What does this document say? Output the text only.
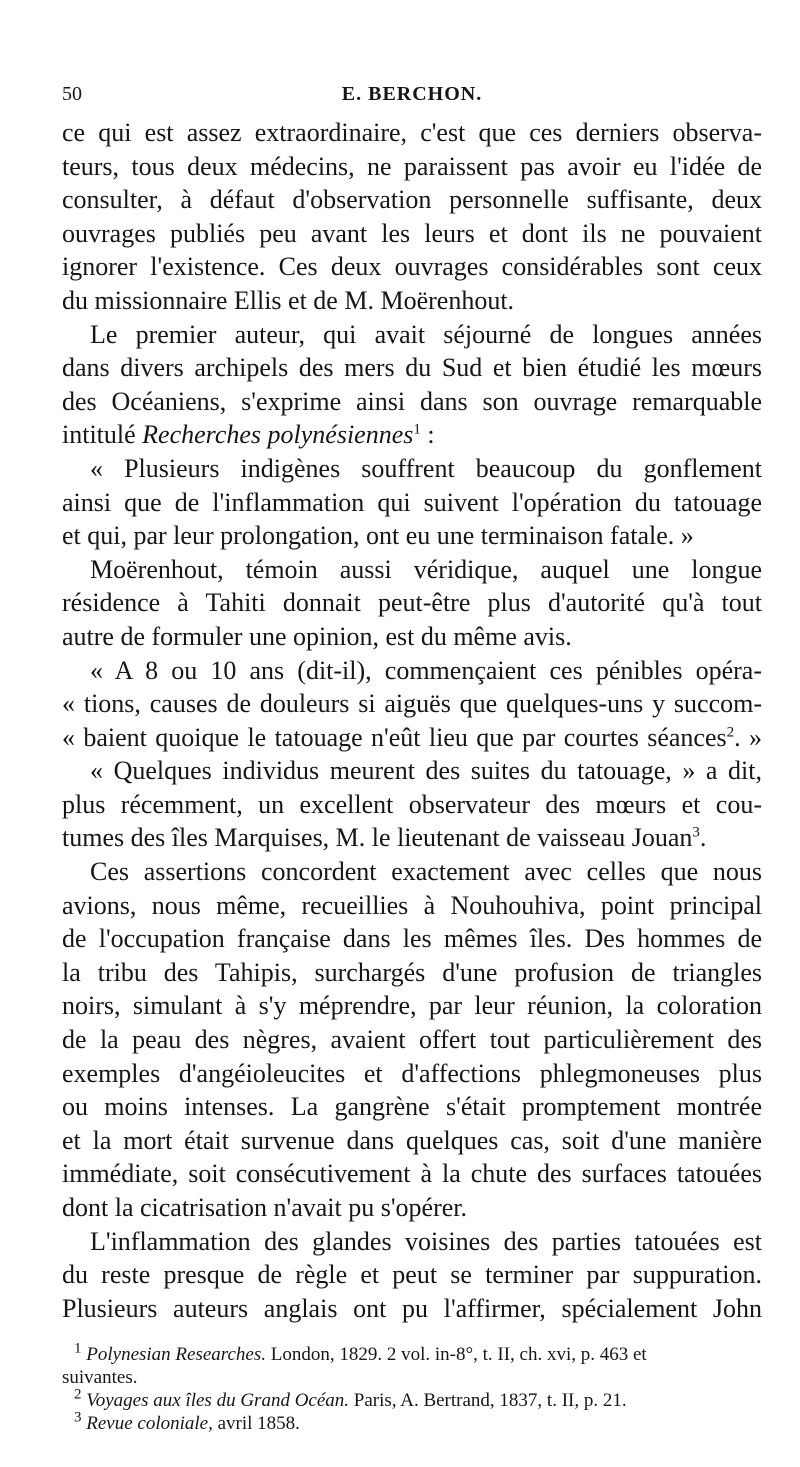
50	E. BERCHON.
ce qui est assez extraordinaire, c'est que ces derniers observa-
teurs, tous deux médecins, ne paraissent pas avoir eu l'idée de
consulter, à défaut d'observation personnelle suffisante, deux
ouvrages publiés peu avant les leurs et dont ils ne pouvaient
ignorer l'existence. Ces deux ouvrages considérables sont ceux
du missionnaire Ellis et de M. Moërenhout.
Le premier auteur, qui avait séjourné de longues années
dans divers archipels des mers du Sud et bien étudié les mœurs
des Océaniens, s'exprime ainsi dans son ouvrage remarquable
intitulé Recherches polynésiennes$^1$ :
« Plusieurs indigènes souffrent beaucoup du gonflement
ainsi que de l'inflammation qui suivent l'opération du tatouage
et qui, par leur prolongation, ont eu une terminaison fatale. »
Moërenhout, témoin aussi véridique, auquel une longue
résidence à Tahiti donnait peut-être plus d'autorité qu'à tout
autre de formuler une opinion, est du même avis.
« A 8 ou 10 ans (dit-il), commençaient ces pénibles opéra-
« tions, causes de douleurs si aiguës que quelques-uns y succom-
« baient quoique le tatouage n'eût lieu que par courtes séances$^2$. »
« Quelques individus meurent des suites du tatouage, » a dit,
plus récemment, un excellent observateur des mœurs et cou-
tumes des îles Marquises, M. le lieutenant de vaisseau Jouan$^3$.
Ces assertions concordent exactement avec celles que nous
avions, nous même, recueillies à Nouhouhiva, point principal
de l'occupation française dans les mêmes îles. Des hommes de
la tribu des Tahipis, surchargés d'une profusion de triangles
noirs, simulant à s'y méprendre, par leur réunion, la coloration
de la peau des nègres, avaient offert tout particulièrement des
exemples d'angéioleucites et d'affections phlegmoneuses plus
ou moins intenses. La gangrène s'était promptement montrée
et la mort était survenue dans quelques cas, soit d'une manière
immédiate, soit consécutivement à la chute des surfaces tatouées
dont la cicatrisation n'avait pu s'opérer.
L'inflammation des glandes voisines des parties tatouées est
du reste presque de règle et peut se terminer par suppuration.
Plusieurs auteurs anglais ont pu l'affirmer, spécialement John
$^1$ Polynesian Researches. London, 1829. 2 vol. in-8°, t. II, ch. xvi, p. 463 et
suivantes.
$^2$ Voyages aux îles du Grand Océan. Paris, A. Bertrand, 1837, t. II, p. 21.
$^3$ Revue coloniale, avril 1858.
